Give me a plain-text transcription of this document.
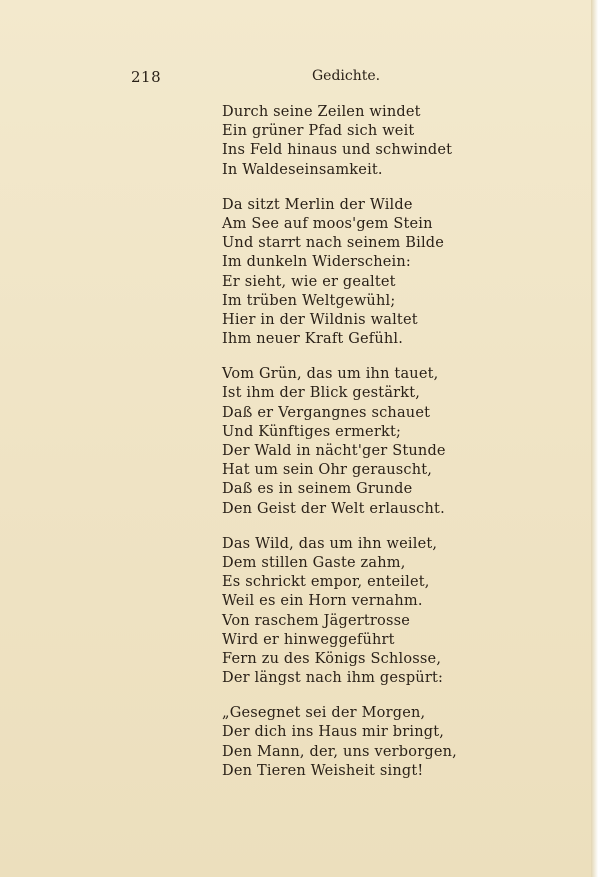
218	Gedichte.
Durch seine Zeilen windet
Ein grüner Pfad sich weit
Ins Feld hinaus und schwindet
In Waldeseinsamkeit.
Da sitzt Merlin der Wilde
Am See auf moos'gem Stein
Und starrt nach seinem Bilde
Im dunkeln Widerschein:
Er sieht, wie er gealtet
Im trüben Weltgewühl;
Hier in der Wildnis waltet
Ihm neuer Kraft Gefühl.
Vom Grün, das um ihn tauet,
Ist ihm der Blick gestärkt,
Daß er Vergangnes schauet
Und Künftiges ermerkt;
Der Wald in nächt'ger Stunde
Hat um sein Ohr gerauscht,
Daß es in seinem Grunde
Den Geist der Welt erlauscht.
Das Wild, das um ihn weilet,
Dem stillen Gaste zahm,
Es schrickt empor, enteilet,
Weil es ein Horn vernahm.
Von raschem Jägertrosse
Wird er hinweggeführt
Fern zu des Königs Schlosse,
Der längst nach ihm gespürt:
„Gesegnet sei der Morgen,
Der dich ins Haus mir bringt,
Den Mann, der, uns verborgen,
Den Tieren Weisheit singt!
